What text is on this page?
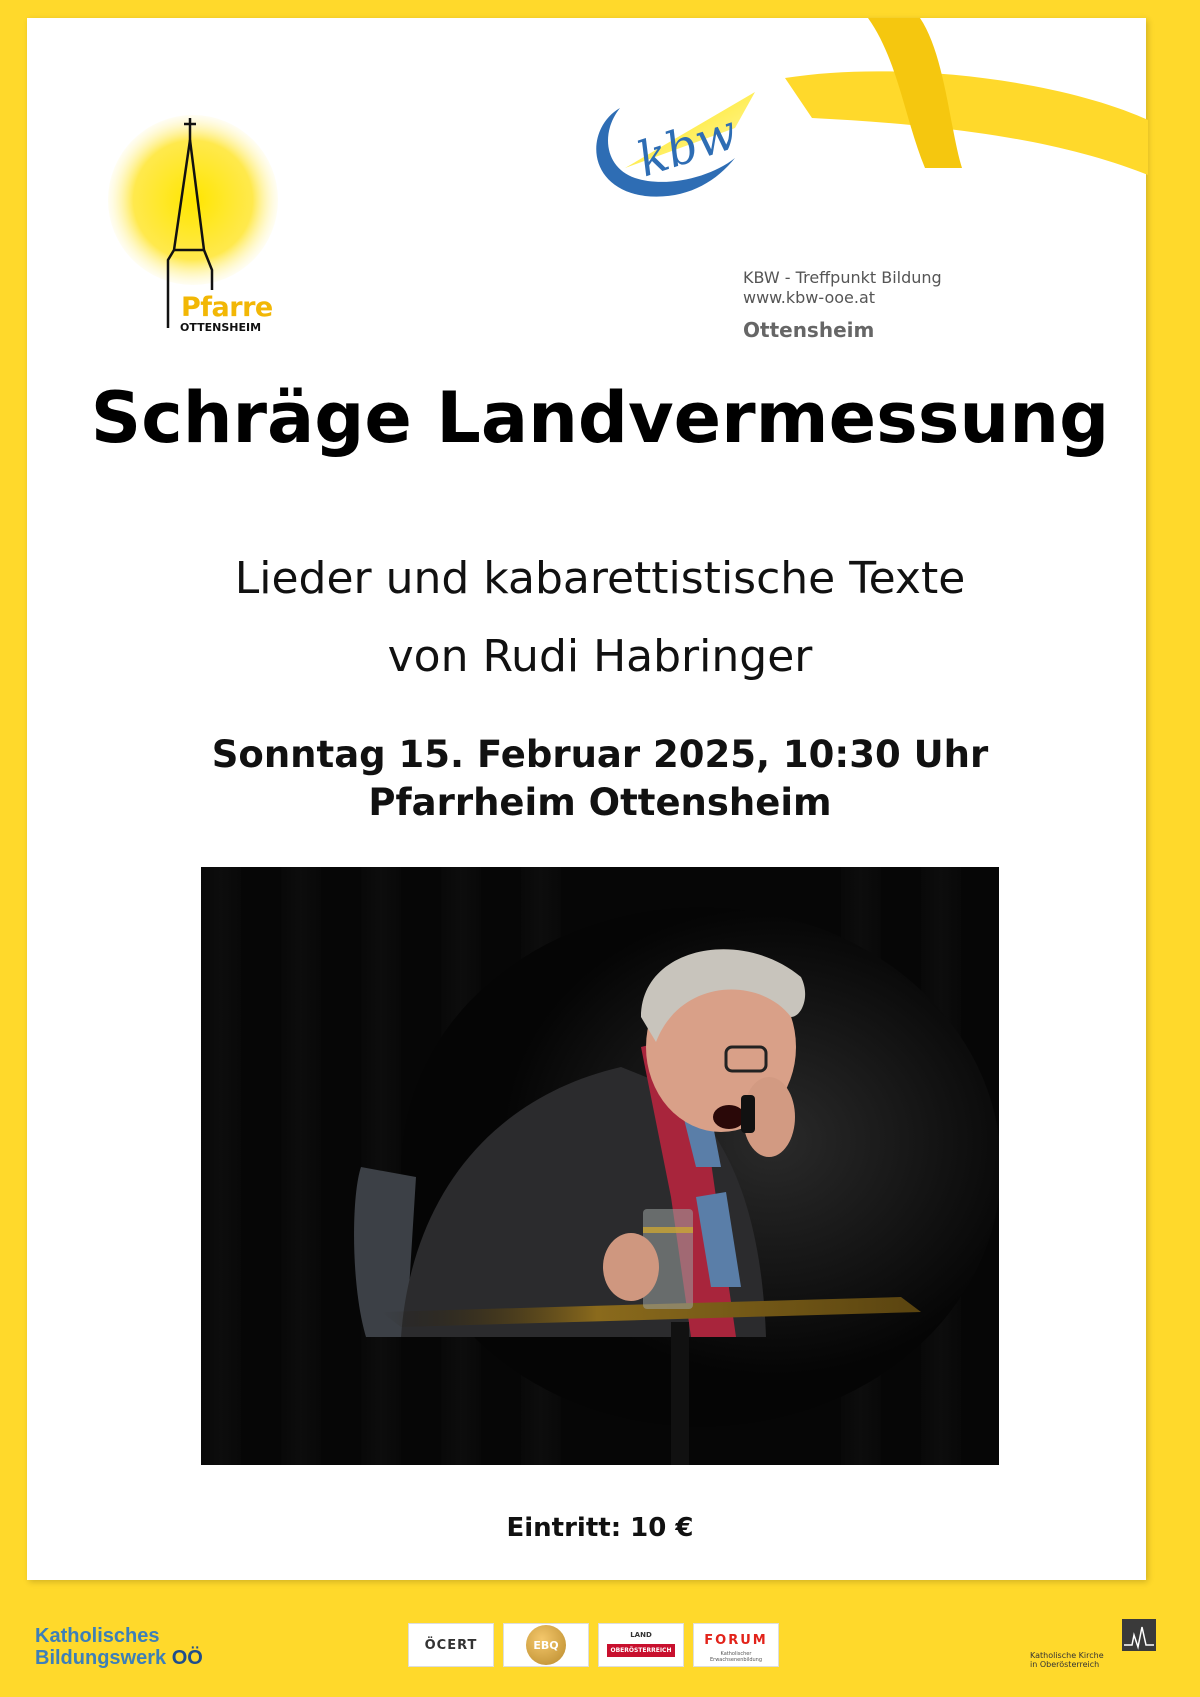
Pfarre
OTTENSHEIM
kbw
KBW - Treffpunkt Bildung
www.kbw-ooe.at
Ottensheim
Schräge Landvermessung
Lieder und kabarettistische Texte
von Rudi Habringer
Sonntag 15. Februar 2025, 10:30 Uhr
Pfarrheim Ottensheim
Eintritt: 10 €
Katholisches
Bildungswerk OÖ
ÖCERT	EBQ
LAND
OBERÖSTERREICH
FORUM
Katholischer Erwachsenenbildung	Katholische Kirche
in Oberösterreich
